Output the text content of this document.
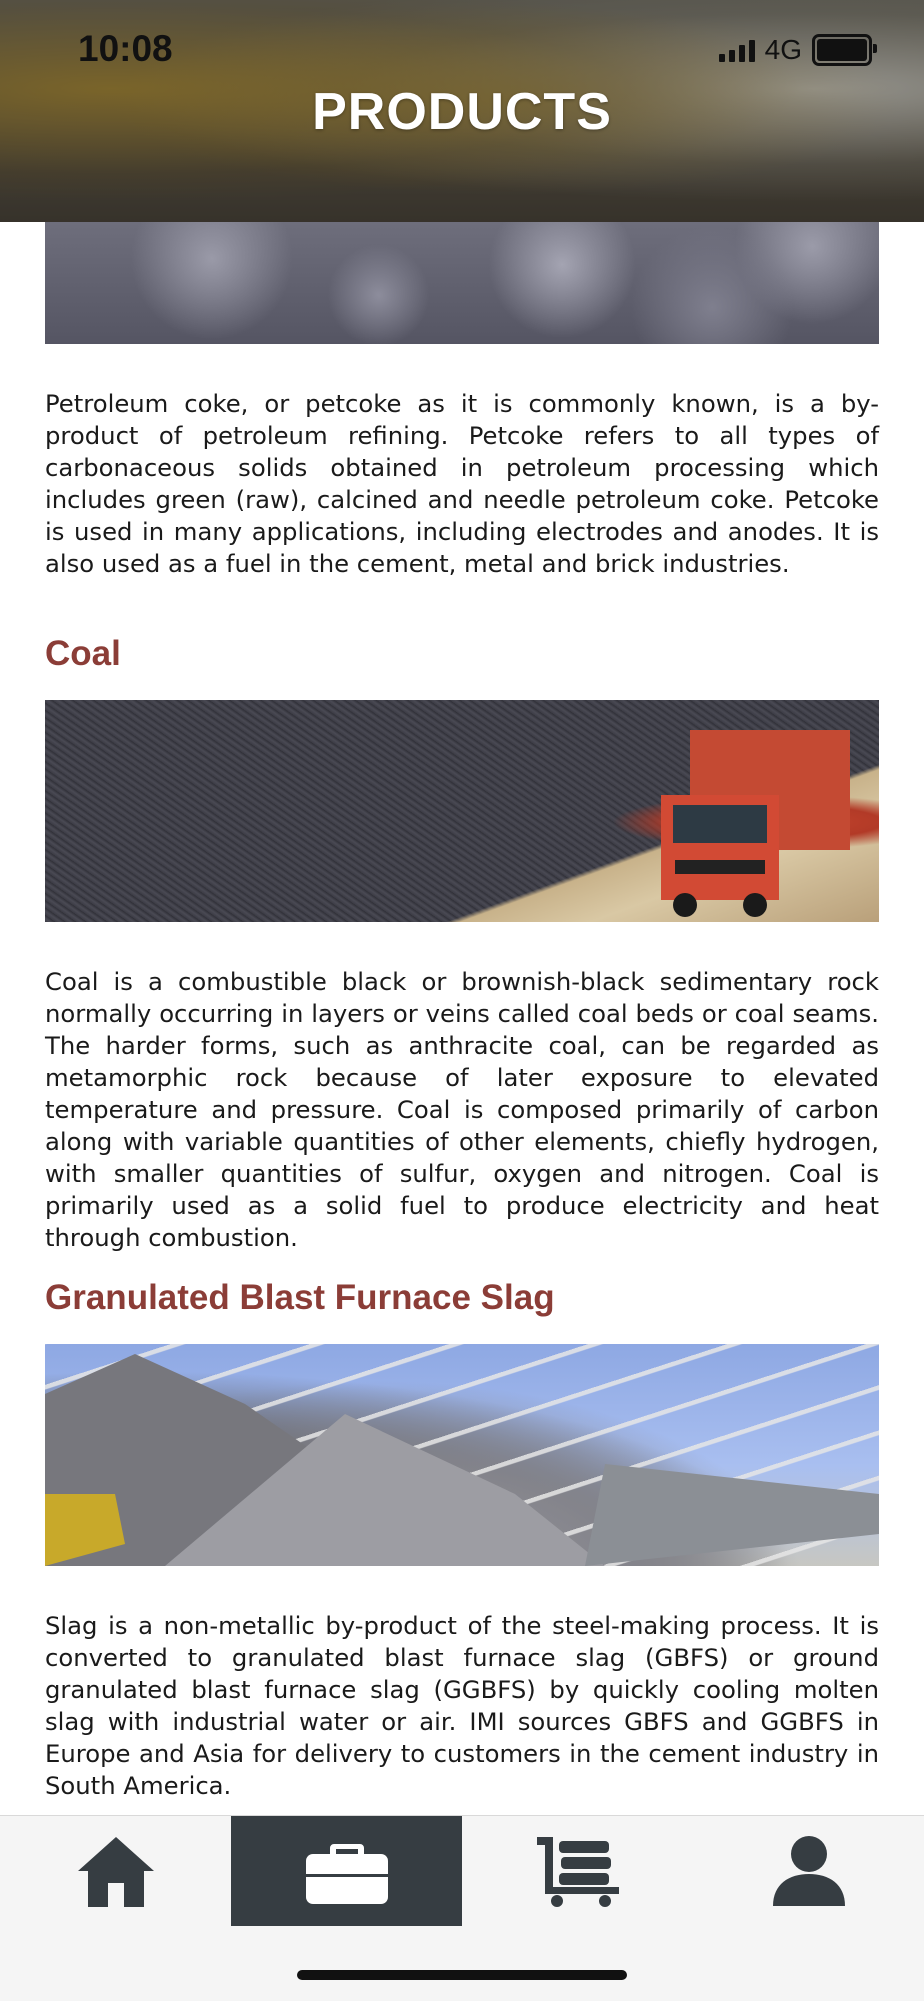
10:08	4G
PRODUCTS

Petroleum coke, or petcoke as it is commonly known, is a by-product of petroleum refining. Petcoke refers to all types of carbonaceous solids obtained in petroleum processing which includes green (raw), calcined and needle petroleum coke. Petcoke is used in many applications, including electrodes and anodes. It is also used as a fuel in the cement, metal and brick industries.

Coal

Coal is a combustible black or brownish-black sedimentary rock normally occurring in layers or veins called coal beds or coal seams. The harder forms, such as anthracite coal, can be regarded as metamorphic rock because of later exposure to elevated temperature and pressure. Coal is composed primarily of carbon along with variable quantities of other elements, chiefly hydrogen, with smaller quantities of sulfur, oxygen and nitrogen. Coal is primarily used as a solid fuel to produce electricity and heat through combustion.

Granulated Blast Furnace Slag

Slag is a non-metallic by-product of the steel-making process. It is converted to granulated blast furnace slag (GBFS) or ground granulated blast furnace slag (GGBFS) by quickly cooling molten slag with industrial water or air. IMI sources GBFS and GGBFS in Europe and Asia for delivery to customers in the cement industry in South America.
